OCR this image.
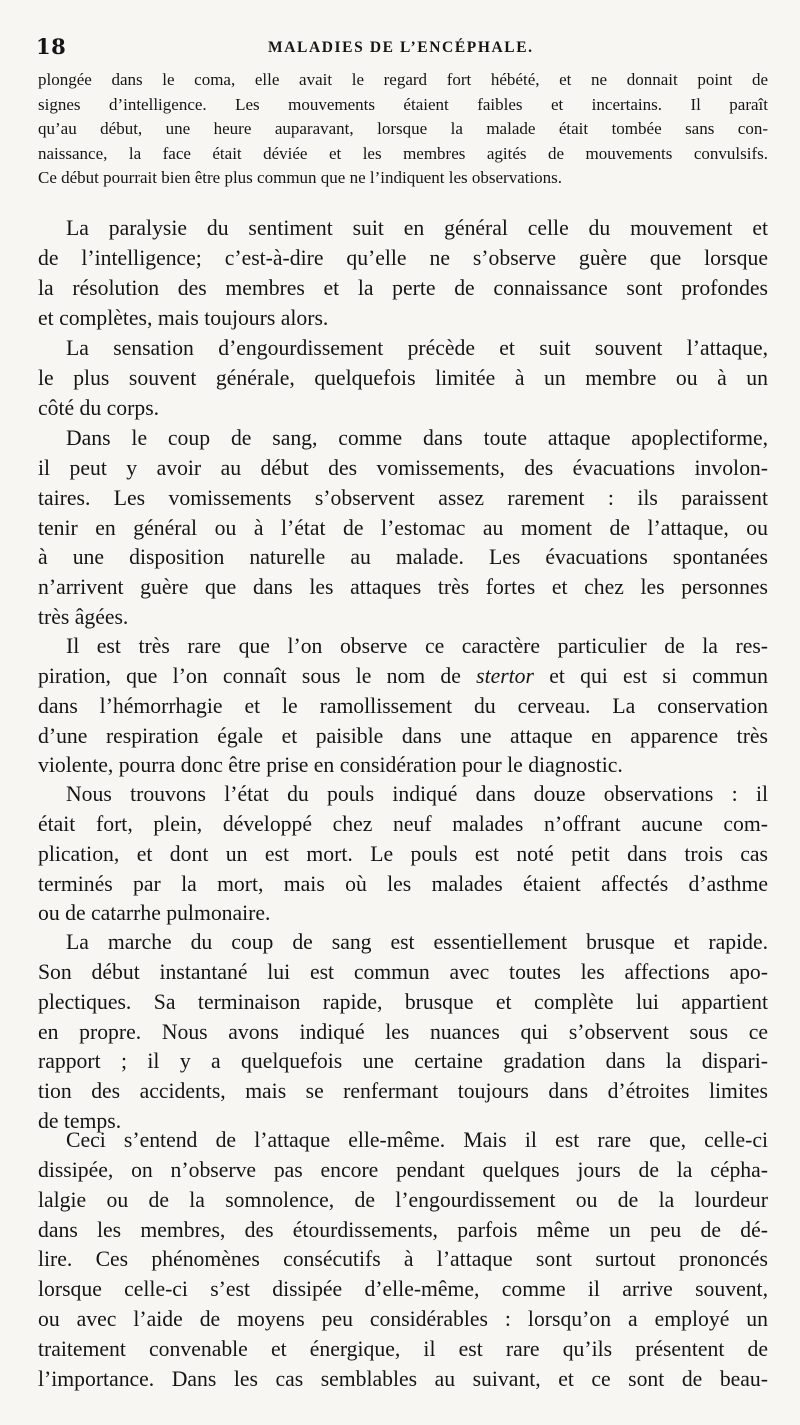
18	MALADIES DE L’ENCÉPHALE.
plongée dans le coma, elle avait le regard fort hébété, et ne donnait point de
signes d’intelligence. Les mouvements étaient faibles et incertains. Il paraît
qu’au début, une heure auparavant, lorsque la malade était tombée sans con-
naissance, la face était déviée et les membres agités de mouvements convulsifs.
Ce début pourrait bien être plus commun que ne l’indiquent les observations.
La paralysie du sentiment suit en général celle du mouvement et
de l’intelligence; c’est-à-dire qu’elle ne s’observe guère que lorsque
la résolution des membres et la perte de connaissance sont profondes
et complètes, mais toujours alors.
La sensation d’engourdissement précède et suit souvent l’attaque,
le plus souvent générale, quelquefois limitée à un membre ou à un
côté du corps.
Dans le coup de sang, comme dans toute attaque apoplectiforme,
il peut y avoir au début des vomissements, des évacuations involon-
taires. Les vomissements s’observent assez rarement : ils paraissent
tenir en général ou à l’état de l’estomac au moment de l’attaque, ou
à une disposition naturelle au malade. Les évacuations spontanées
n’arrivent guère que dans les attaques très fortes et chez les personnes
très âgées.
Il est très rare que l’on observe ce caractère particulier de la res-
piration, que l’on connaît sous le nom de stertor et qui est si commun
dans l’hémorrhagie et le ramollissement du cerveau. La conservation
d’une respiration égale et paisible dans une attaque en apparence très
violente, pourra donc être prise en considération pour le diagnostic.
Nous trouvons l’état du pouls indiqué dans douze observations : il
était fort, plein, développé chez neuf malades n’offrant aucune com-
plication, et dont un est mort. Le pouls est noté petit dans trois cas
terminés par la mort, mais où les malades étaient affectés d’asthme
ou de catarrhe pulmonaire.
La marche du coup de sang est essentiellement brusque et rapide.
Son début instantané lui est commun avec toutes les affections apo-
plectiques. Sa terminaison rapide, brusque et complète lui appartient
en propre. Nous avons indiqué les nuances qui s’observent sous ce
rapport ; il y a quelquefois une certaine gradation dans la dispari-
tion des accidents, mais se renfermant toujours dans d’étroites limites
de temps.
Ceci s’entend de l’attaque elle-même. Mais il est rare que, celle-ci
dissipée, on n’observe pas encore pendant quelques jours de la cépha-
lalgie ou de la somnolence, de l’engourdissement ou de la lourdeur
dans les membres, des étourdissements, parfois même un peu de dé-
lire. Ces phénomènes consécutifs à l’attaque sont surtout prononcés
lorsque celle-ci s’est dissipée d’elle-même, comme il arrive souvent,
ou avec l’aide de moyens peu considérables : lorsqu’on a employé un
traitement convenable et énergique, il est rare qu’ils présentent de
l’importance. Dans les cas semblables au suivant, et ce sont de beau-
